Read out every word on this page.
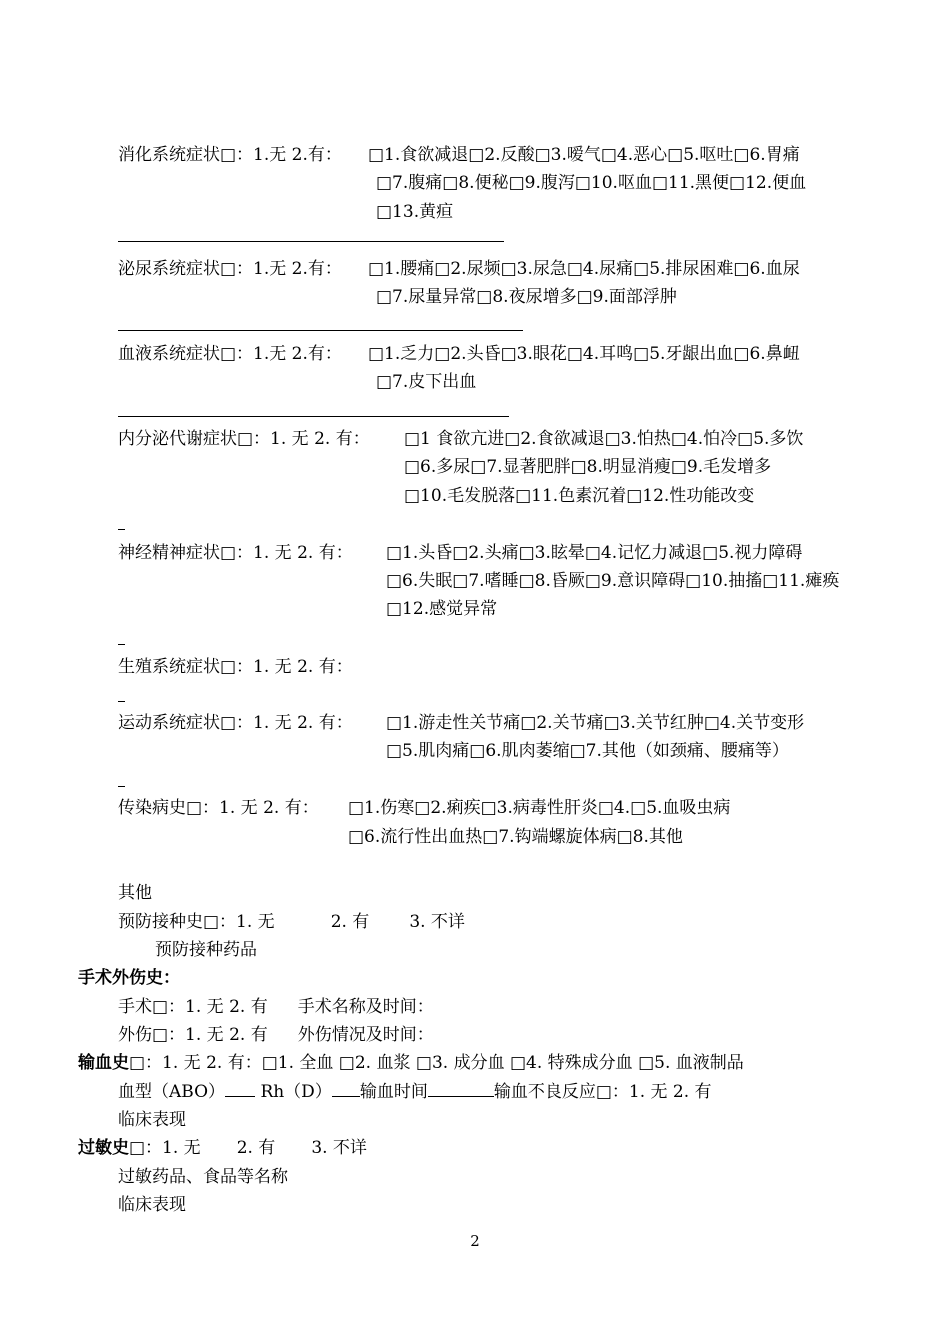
消化系统症状□：1.无 2.有： □1.食欲减退□2.反酸□3.嗳气□4.恶心□5.呕吐□6.胃痛
□7.腹痛□8.便秘□9.腹泻□10.呕血□11.黑便□12.便血
□13.黄疸
泌尿系统症状□：1.无 2.有： □1.腰痛□2.尿频□3.尿急□4.尿痛□5.排尿困难□6.血尿
□7.尿量异常□8.夜尿增多□9.面部浮肿
血液系统症状□：1.无 2.有： □1.乏力□2.头昏□3.眼花□4.耳鸣□5.牙龈出血□6.鼻衄
□7.皮下出血
内分泌代谢症状□：1. 无 2. 有： □1 食欲亢进□2.食欲减退□3.怕热□4.怕冷□5.多饮
□6.多尿□7.显著肥胖□8.明显消瘦□9.毛发增多
□10.毛发脱落□11.色素沉着□12.性功能改变
神经精神症状□：1. 无 2. 有： □1.头昏□2.头痛□3.眩晕□4.记忆力减退□5.视力障碍
□6.失眠□7.嗜睡□8.昏厥□9.意识障碍□10.抽搐□11.瘫痪
□12.感觉异常
生殖系统症状□：1. 无 2. 有：
运动系统症状□：1. 无 2. 有： □1.游走性关节痛□2.关节痛□3.关节红肿□4.关节变形
□5.肌肉痛□6.肌肉萎缩□7.其他（如颈痛、腰痛等）
传染病史□：1. 无 2. 有： □1.伤寒□2.痢疾□3.病毒性肝炎□4.□5.血吸虫病
□6.流行性出血热□7.钩端螺旋体病□8.其他
其他
预防接种史□：1. 无	2. 有 3. 不详
预防接种药品
手术外伤史：
手术□：1. 无 2. 有 手术名称及时间：
外伤□：1. 无 2. 有 外伤情况及时间：
输血史□：1. 无 2. 有：□1. 全血 □2. 血浆 □3. 成分血 □4. 特殊成分血 □5. 血液制品
血型（ABO） Rh（D） 输血时间	输血不良反应□：1. 无 2. 有
临床表现
过敏史□：1. 无 2. 有 3. 不详
过敏药品、食品等名称
临床表现
2
